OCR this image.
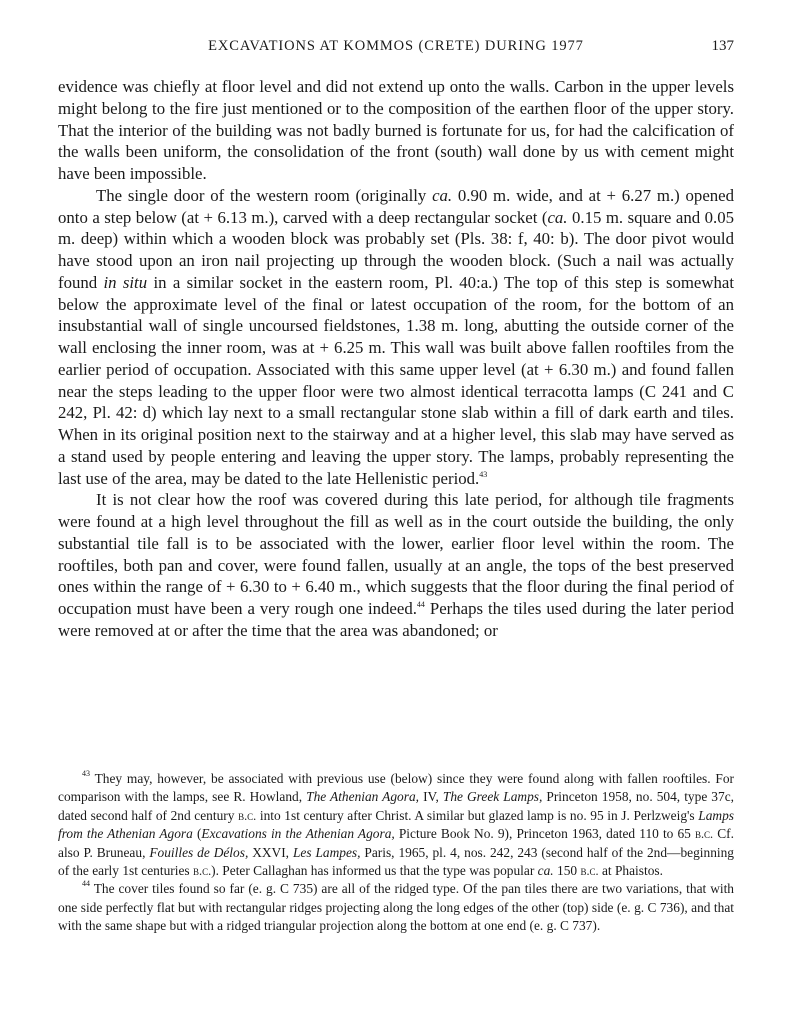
EXCAVATIONS AT KOMMOS (CRETE) DURING 1977	137

evidence was chiefly at floor level and did not extend up onto the walls. Carbon in the upper levels might belong to the fire just mentioned or to the composition of the earthen floor of the upper story. That the interior of the building was not badly burned is fortunate for us, for had the calcification of the walls been uniform, the consolidation of the front (south) wall done by us with cement might have been impossible.

The single door of the western room (originally ca. 0.90 m. wide, and at + 6.27 m.) opened onto a step below (at + 6.13 m.), carved with a deep rectangular socket (ca. 0.15 m. square and 0.05 m. deep) within which a wooden block was probably set (Pls. 38: f, 40: b). The door pivot would have stood upon an iron nail projecting up through the wooden block. (Such a nail was actually found in situ in a similar socket in the eastern room, Pl. 40:a.) The top of this step is somewhat below the approximate level of the final or latest occupation of the room, for the bottom of an insubstantial wall of single uncoursed fieldstones, 1.38 m. long, abutting the outside corner of the wall enclosing the inner room, was at + 6.25 m. This wall was built above fallen rooftiles from the earlier period of occupation. Associated with this same upper level (at + 6.30 m.) and found fallen near the steps leading to the upper floor were two almost identical terracotta lamps (C 241 and C 242, Pl. 42: d) which lay next to a small rectangular stone slab within a fill of dark earth and tiles. When in its original position next to the stairway and at a higher level, this slab may have served as a stand used by people entering and leaving the upper story. The lamps, probably representing the last use of the area, may be dated to the late Hellenistic period.$^{43}$

It is not clear how the roof was covered during this late period, for although tile fragments were found at a high level throughout the fill as well as in the court outside the building, the only substantial tile fall is to be associated with the lower, earlier floor level within the room. The rooftiles, both pan and cover, were found fallen, usually at an angle, the tops of the best preserved ones within the range of + 6.30 to + 6.40 m., which suggests that the floor during the final period of occupation must have been a very rough one indeed.$^{44}$ Perhaps the tiles used during the later period were removed at or after the time that the area was abandoned; or

$^{43}$ They may, however, be associated with previous use (below) since they were found along with fallen rooftiles. For comparison with the lamps, see R. Howland, The Athenian Agora, IV, The Greek Lamps, Princeton 1958, no. 504, type 37c, dated second half of 2nd century b.c. into 1st century after Christ. A similar but glazed lamp is no. 95 in J. Perlzweig's Lamps from the Athenian Agora (Excavations in the Athenian Agora, Picture Book No. 9), Princeton 1963, dated 110 to 65 b.c. Cf. also P. Bruneau, Fouilles de Délos, XXVI, Les Lampes, Paris, 1965, pl. 4, nos. 242, 243 (second half of the 2nd—beginning of the early 1st centuries b.c.). Peter Callaghan has informed us that the type was popular ca. 150 b.c. at Phaistos.

$^{44}$ The cover tiles found so far (e. g. C 735) are all of the ridged type. Of the pan tiles there are two variations, that with one side perfectly flat but with rectangular ridges projecting along the long edges of the other (top) side (e. g. C 736), and that with the same shape but with a ridged triangular projection along the bottom at one end (e. g. C 737).
